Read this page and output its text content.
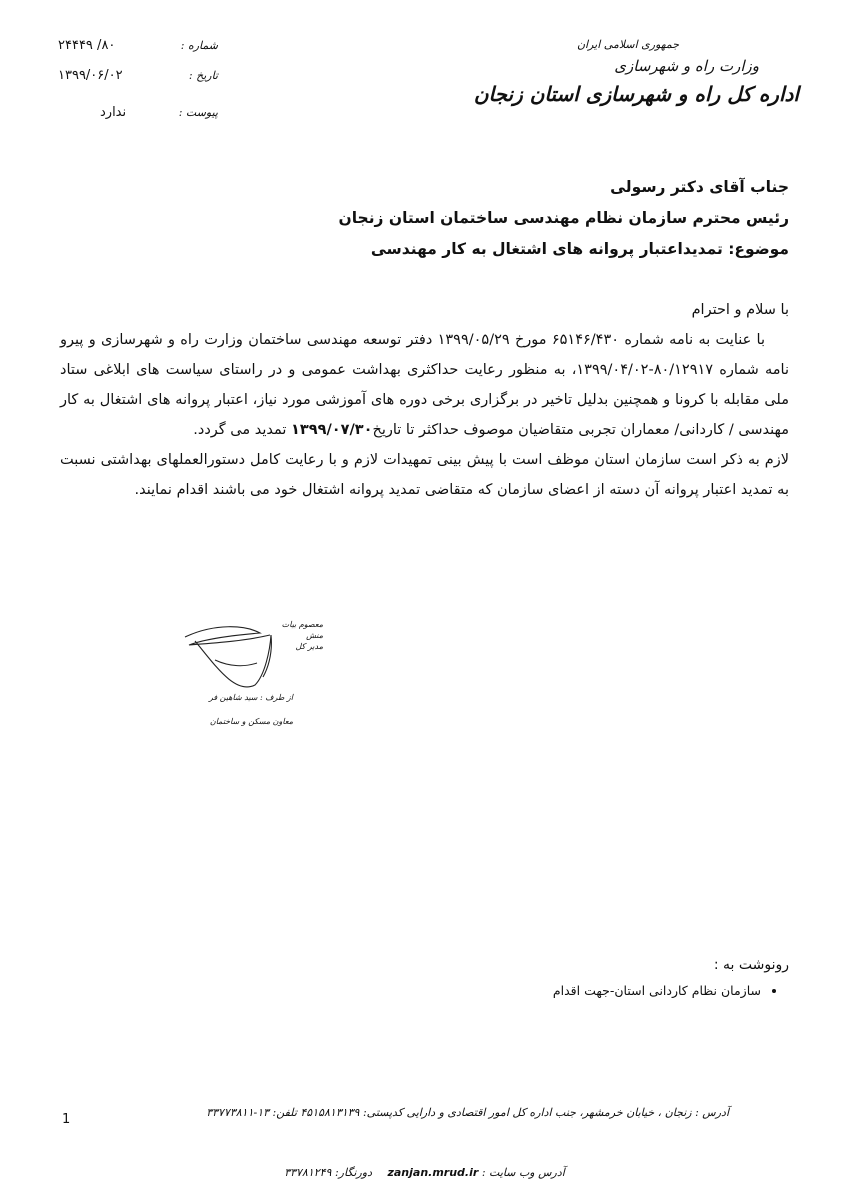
جمهوری اسلامی ایران
وزارت راه و شهرسازی
اداره کل راه و شهرسازی استان زنجان
شماره :
۸۰/ ۲۴۴۴۹
تاریخ :
۱۳۹۹/۰۶/۰۲
پیوست :
ندارد
جناب آقای دکتر رسولی
رئیس محترم سازمان نظام مهندسی ساختمان استان زنجان
موضوع: تمدیداعتبار پروانه های اشتغال به کار مهندسی

با سلام و احترام

با عنایت به نامه شماره ۶۵۱۴۶/۴۳۰ مورخ ۱۳۹۹/۰۵/۲۹ دفتر توسعه مهندسی ساختمان وزارت راه و شهرسازی و پیرو نامه شماره ۸۰/۱۲۹۱۷-۱۳۹۹/۰۴/۰۲، به منظور رعایت حداکثری بهداشت عمومی و در راستای سیاست های ابلاغی ستاد ملی مقابله با کرونا و همچنین بدلیل تاخیر در برگزاری برخی دوره های آموزشی مورد نیاز، اعتبار پروانه های اشتغال به کار مهندسی / کاردانی/ معماران تجربی متقاضیان موصوف حداکثر تا تاریخ۱۳۹۹/۰۷/۳۰ تمدید می گردد.

لازم به ذکر است سازمان استان موظف است با پیش بینی تمهیدات لازم و با رعایت کامل دستورالعملهای بهداشتی نسبت به تمدید اعتبار پروانه آن دسته از اعضای سازمان که متقاضی تمدید پروانه اشتغال خود می باشند اقدام نمایند.

معصوم بیات منش
مدیر کل
از طرف : سید شاهین فر
معاون مسکن و ساختمان
رونوشت به :
• سازمان نظام کاردانی استان-جهت اقدام
1	آدرس : زنجان ، خیابان خرمشهر، جنب اداره کل امور اقتصادی و دارایی کدپستی: ۴۵۱۵۸۱۳۱۳۹ تلفن: ۱۳-۳۳۷۷۳۸۱۱
آدرس وب سایت : zanjan.mrud.ir دورنگار: ۳۳۷۸۱۲۴۹
